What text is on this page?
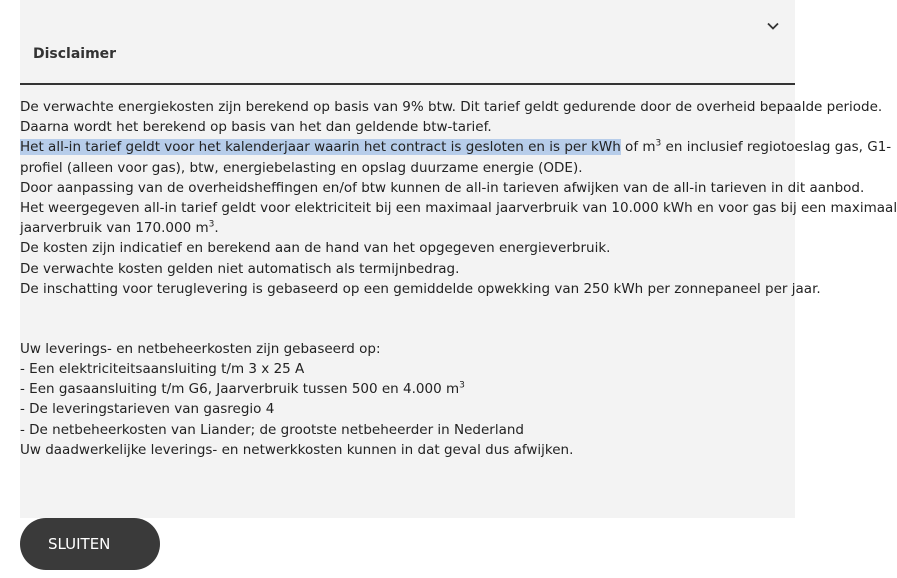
Disclaimer
De verwachte energiekosten zijn berekend op basis van 9% btw. Dit tarief geldt gedurende door de overheid bepaalde periode.
Daarna wordt het berekend op basis van het dan geldende btw-tarief.
Het all-in tarief geldt voor het kalenderjaar waarin het contract is gesloten en is per kWh of $m^3$ en inclusief regiotoeslag gas, G1-
profiel (alleen voor gas), btw, energiebelasting en opslag duurzame energie (ODE).
Door aanpassing van de overheidsheffingen en/of btw kunnen de all-in tarieven afwijken van de all-in tarieven in dit aanbod.
Het weergegeven all-in tarief geldt voor elektriciteit bij een maximaal jaarverbruik van 10.000 kWh en voor gas bij een maximaal
jaarverbruik van 170.000 $m^3$.
De kosten zijn indicatief en berekend aan de hand van het opgegeven energieverbruik.
De verwachte kosten gelden niet automatisch als termijnbedrag.
De inschatting voor teruglevering is gebaseerd op een gemiddelde opwekking van 250 kWh per zonnepaneel per jaar.
Uw leverings- en netbeheerkosten zijn gebaseerd op:
- Een elektriciteitsaansluiting t/m 3 x 25 A
- Een gasaansluiting t/m G6, Jaarverbruik tussen 500 en 4.000 $m^3$
- De leveringstarieven van gasregio 4
- De netbeheerkosten van Liander; de grootste netbeheerder in Nederland
Uw daadwerkelijke leverings- en netwerkkosten kunnen in dat geval dus afwijken.
SLUITEN
